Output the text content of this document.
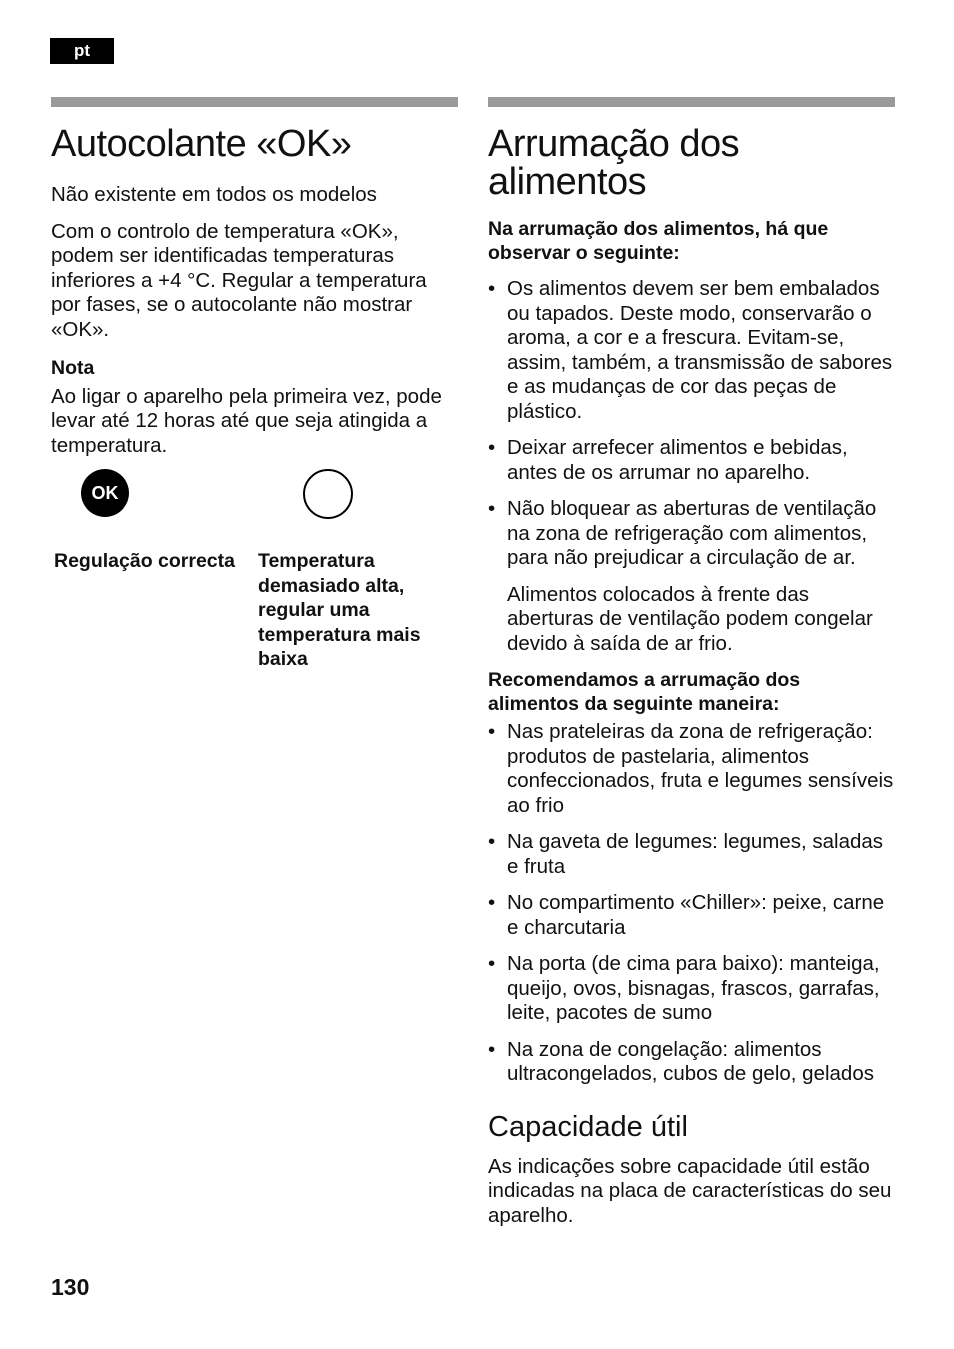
pt
Autocolante «OK»

Não existente em todos os modelos

Com o controlo de temperatura «OK», podem ser identificadas temperaturas inferiores a +4 °C. Regular a temperatura por fases, se o autocolante não mostrar «OK».

Nota

Ao ligar o aparelho pela primeira vez, pode levar até 12 horas até que seja atingida a temperatura.

OK

Regulação correcta	Temperatura demasiado alta, regular uma temperatura mais baixa

Arrumação dos alimentos

Na arrumação dos alimentos, há que observar o seguinte:

• Os alimentos devem ser bem embalados ou tapados. Deste modo, conservarão o aroma, a cor e a frescura. Evitam-se, assim, também, a transmissão de sabores e as mudanças de cor das peças de plástico.
• Deixar arrefecer alimentos e bebidas, antes de os arrumar no aparelho.
• Não bloquear as aberturas de ventilação na zona de refrigeração com alimentos, para não prejudicar a circulação de ar.

Alimentos colocados à frente das aberturas de ventilação podem congelar devido à saída de ar frio.

Recomendamos a arrumação dos alimentos da seguinte maneira:

• Nas prateleiras da zona de refrigeração: produtos de pastelaria, alimentos confeccionados, fruta e legumes sensíveis ao frio
• Na gaveta de legumes: legumes, saladas e fruta
• No compartimento «Chiller»: peixe, carne e charcutaria
• Na porta (de cima para baixo): manteiga, queijo, ovos, bisnagas, frascos, garrafas, leite, pacotes de sumo
• Na zona de congelação: alimentos ultracongelados, cubos de gelo, gelados
Capacidade útil

As indicações sobre capacidade útil estão indicadas na placa de características do seu aparelho.

130
